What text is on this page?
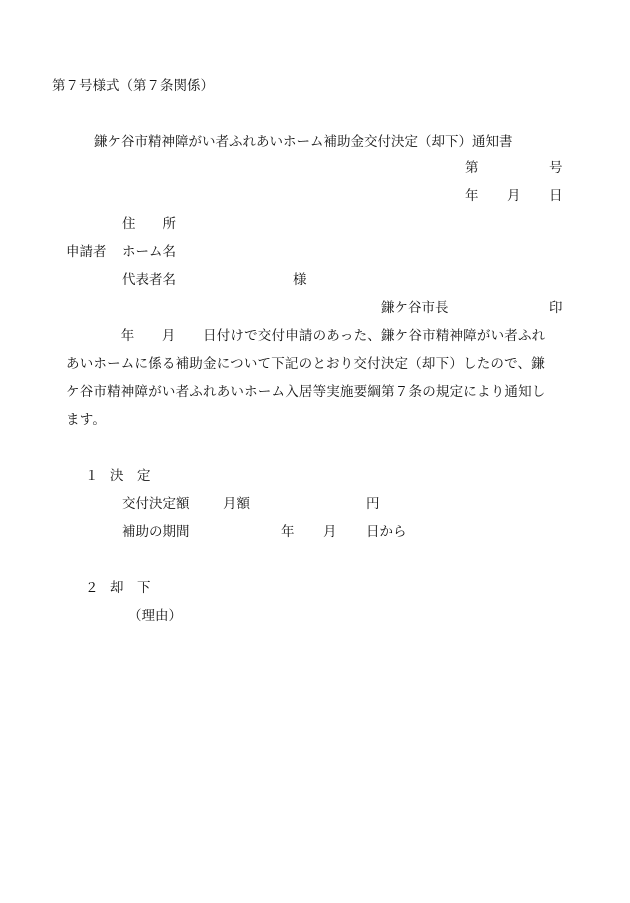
第７号様式（第７条関係）
鎌ケ谷市精神障がい者ふれあいホーム補助金交付決定（却下）通知書
第	号
年 月 日
住　　所
申請者 ホーム名
代表者名	様
鎌ケ谷市長	印
　　　　年　　月　　日付けで交付申請のあった、鎌ケ谷市精神障がい者ふれ
あいホームに係る補助金について下記のとおり交付決定（却下）したので、鎌
ケ谷市精神障がい者ふれあいホーム入居等実施要綱第７条の規定により通知し
ます。
１ 決　定
交付決定額 月額	円
補助の期間	年 月 日から
２ 却　下
（理由）
